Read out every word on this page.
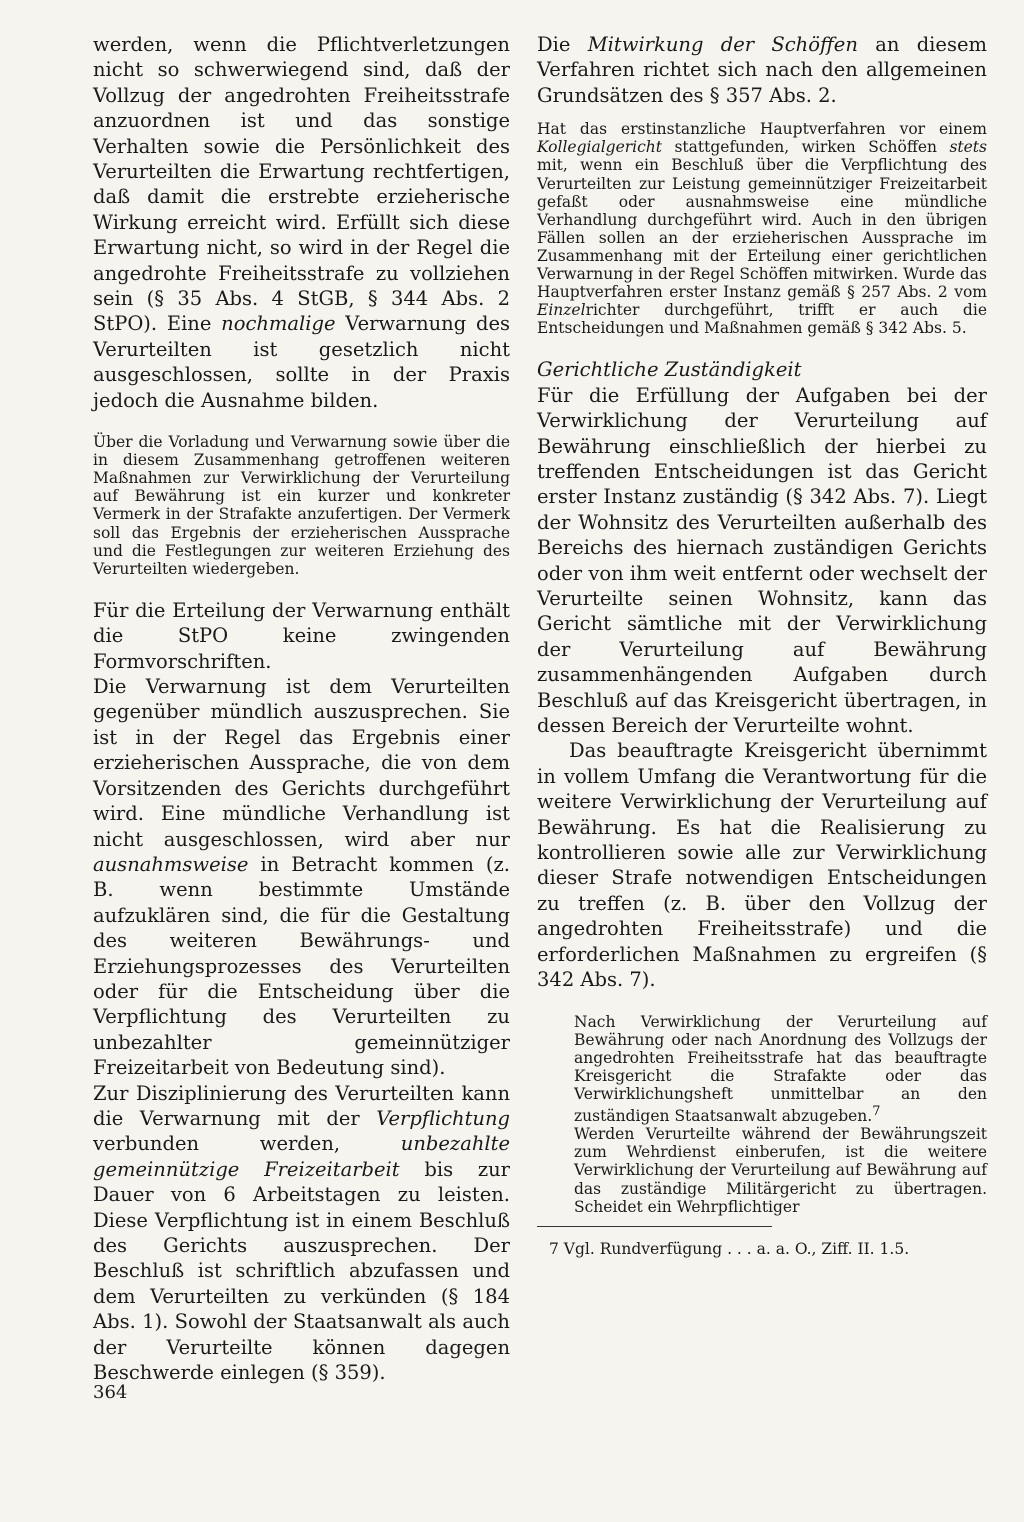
werden, wenn die Pflichtverletzungen nicht so schwerwiegend sind, daß der Vollzug der angedrohten Freiheitsstrafe anzuordnen ist und das sonstige Verhalten sowie die Persönlichkeit des Verurteilten die Erwartung rechtfertigen, daß damit die erstrebte erzieherische Wirkung erreicht wird. Erfüllt sich diese Erwartung nicht, so wird in der Regel die angedrohte Freiheitsstrafe zu vollziehen sein (§ 35 Abs. 4 StGB, § 344 Abs. 2 StPO). Eine nochmalige Verwarnung des Verurteilten ist gesetzlich nicht ausgeschlossen, sollte in der Praxis jedoch die Ausnahme bilden.

Über die Vorladung und Verwarnung sowie über die in diesem Zusammenhang getroffenen weiteren Maßnahmen zur Verwirklichung der Verurteilung auf Bewährung ist ein kurzer und konkreter Vermerk in der Strafakte anzufertigen. Der Vermerk soll das Ergebnis der erzieherischen Aussprache und die Festlegungen zur weiteren Erziehung des Verurteilten wiedergeben.

Für die Erteilung der Verwarnung enthält die StPO keine zwingenden Formvorschriften.

Die Verwarnung ist dem Verurteilten gegenüber mündlich auszusprechen. Sie ist in der Regel das Ergebnis einer erzieherischen Aussprache, die von dem Vorsitzenden des Gerichts durchgeführt wird. Eine mündliche Verhandlung ist nicht ausgeschlossen, wird aber nur ausnahmsweise in Betracht kommen (z. B. wenn bestimmte Umstände aufzuklären sind, die für die Gestaltung des weiteren Bewährungs- und Erziehungsprozesses des Verurteilten oder für die Entscheidung über die Verpflichtung des Verurteilten zu unbezahlter gemeinnütziger Freizeitarbeit von Bedeutung sind).

Zur Disziplinierung des Verurteilten kann die Verwarnung mit der Verpflichtung verbunden werden, unbezahlte gemeinnützige Freizeitarbeit bis zur Dauer von 6 Arbeitstagen zu leisten. Diese Verpflichtung ist in einem Beschluß des Gerichts auszusprechen. Der Beschluß ist schriftlich abzufassen und dem Verurteilten zu verkünden (§ 184 Abs. 1). Sowohl der Staatsanwalt als auch der Verurteilte können dagegen Beschwerde einlegen (§ 359).

Die Mitwirkung der Schöffen an diesem Verfahren richtet sich nach den allgemeinen Grundsätzen des § 357 Abs. 2.

Hat das erstinstanzliche Hauptverfahren vor einem Kollegialgericht stattgefunden, wirken Schöffen stets mit, wenn ein Beschluß über die Verpflichtung des Verurteilten zur Leistung gemeinnütziger Freizeitarbeit gefaßt oder ausnahmsweise eine mündliche Verhandlung durchgeführt wird. Auch in den übrigen Fällen sollen an der erzieherischen Aussprache im Zusammenhang mit der Erteilung einer gerichtlichen Verwarnung in der Regel Schöffen mitwirken. Wurde das Hauptverfahren erster Instanz gemäß § 257 Abs. 2 vom Einzelrichter durchgeführt, trifft er auch die Entscheidungen und Maßnahmen gemäß § 342 Abs. 5.

Gerichtliche Zuständigkeit

Für die Erfüllung der Aufgaben bei der Verwirklichung der Verurteilung auf Bewährung einschließlich der hierbei zu treffenden Entscheidungen ist das Gericht erster Instanz zuständig (§ 342 Abs. 7). Liegt der Wohnsitz des Verurteilten außerhalb des Bereichs des hiernach zuständigen Gerichts oder von ihm weit entfernt oder wechselt der Verurteilte seinen Wohnsitz, kann das Gericht sämtliche mit der Verwirklichung der Verurteilung auf Bewährung zusammenhängenden Aufgaben durch Beschluß auf das Kreisgericht übertragen, in dessen Bereich der Verurteilte wohnt.

Das beauftragte Kreisgericht übernimmt in vollem Umfang die Verantwortung für die weitere Verwirklichung der Verurteilung auf Bewährung. Es hat die Realisierung zu kontrollieren sowie alle zur Verwirklichung dieser Strafe notwendigen Entscheidungen zu treffen (z. B. über den Vollzug der angedrohten Freiheitsstrafe) und die erforderlichen Maßnahmen zu ergreifen (§ 342 Abs. 7).

Nach Verwirklichung der Verurteilung auf Bewährung oder nach Anordnung des Vollzugs der angedrohten Freiheitsstrafe hat das beauftragte Kreisgericht die Strafakte oder das Verwirklichungsheft unmittelbar an den zuständigen Staatsanwalt abzugeben.$^7$

Werden Verurteilte während der Bewährungszeit zum Wehrdienst einberufen, ist die weitere Verwirklichung der Verurteilung auf Bewährung auf das zuständige Militärgericht zu übertragen. Scheidet ein Wehrpflichtiger

7 Vgl. Rundverfügung . . . a. a. O., Ziff. II. 1.5.

364
